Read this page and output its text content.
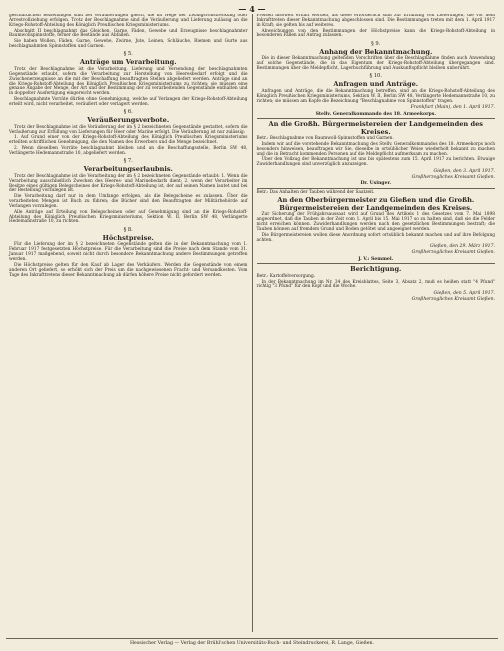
— 4 —

geschäftlichen Beziehungen sind bei Veräußerungen gleich, die im Wege der Zwangsvollstreckung oder Arrestvollziehung erfolgen. Trotz der Beschlagnahme sind die Veräußerung und Lieferung zulässig an die Kriegs-Rohstoff-Abteilung des Königlich Preußischen Kriegsministeriums.

Abschnitt II beschlagnahmt das Gleichen, Garne, Fäden, Gewebe und Erzeugnisse beschlagnahmter Baumwollspinnstoffe, ferner die Bestände aus Abfallen.

Sie haben Wollen, Fäden, Garne, Gewebe, Zwirne, Jute, Leinen, Schläuche, Riemen und Gurte aus beschlagnahmten Spinnstoffen und Garnen.

§ 5.
Anträge um Verarbeitung.

Trotz der Beschlagnahme ist die Verarbeitung, Lieferung und Versendung der beschlagnahmten Gegenstände erlaubt, sofern die Verarbeitung zur Herstellung von Heeresbedarf erfolgt und die Zwischenerzeugnisse an die mit der Beschaffung beauftragten Stellen abgeliefert werden. Anträge sind an die Kriegs-Rohstoff-Abteilung des Königlich Preußischen Kriegsministeriums zu richten; sie müssen eine genaue Angabe der Menge, der Art und der Bestimmung der zu verarbeitenden Gegenstände enthalten und in doppelter Ausfertigung eingereicht werden.

Beschlagnahmte Vorräte dürfen ohne Genehmigung, welche auf Verlangen der Kriegs-Rohstoff-Abteilung erteilt wird, nicht verarbeitet, veräußert oder verlagert werden.

§ 6.
Veräußerungsverbote.

Trotz der Beschlagnahme ist die Veräußerung der im § 2 bezeichneten Gegenstände gestattet, sofern die Veräußerung zur Erfüllung von Lieferungen für Heer oder Marine erfolgt. Die Veräußerung ist nur zulässig:

1. Auf Grund einer von der Kriegs-Rohstoff-Abteilung des Königlich Preußischen Kriegsministeriums erteilten schriftlichen Genehmigung, die den Namen des Erwerbers und die Menge bezeichnet.

2. Wenn dieselben Vorräte beschlagnahmt bleiben und an die Beschaffungsstelle, Berlin SW 48, Verlängerte Hedemannstraße 10, abgeliefert werden.

§ 7.
Verarbeitungserlaubnis.

Trotz der Beschlagnahme ist die Verarbeitung der im § 2 bezeichneten Gegenstände erlaubt: 1. Wenn die Verarbeitung ausschließlich Zwecken des Heeres- und Marinebedarfs dient; 2. wenn der Verarbeiter im Besitze eines gültigen Belegscheines der Kriegs-Rohstoff-Abteilung ist, der auf seinen Namen lautet und bei der Bestellung vorzulegen ist.

Die Verarbeitung darf nur in dem Umfange erfolgen, als die Belegscheine es zulassen. Über die verarbeiteten Mengen ist Buch zu führen; die Bücher sind den Beauftragten der Militärbehörde auf Verlangen vorzulegen.

Alle Anträge auf Erteilung von Belegscheinen oder auf Genehmigung sind an die Kriegs-Rohstoff-Abteilung des Königlich Preußischen Kriegsministeriums, Sektion W. II, Berlin SW 48, Verlängerte Hedemannstraße 10, zu richten.

§ 8.
Höchstpreise.

Für die Lieferung der im § 2 bezeichneten Gegenstände gelten die in der Bekanntmachung vom 1. Februar 1917 festgesetzten Höchstpreise. Für die Verarbeitung sind die Preise nach dem Stande vom 31. Januar 1917 maßgebend, soweit nicht durch besondere Bekanntmachung andere Bestimmungen getroffen werden.

Die Höchstpreise gelten für den Kauf ab Lager des Verkäufers. Werden die Gegenstände von einem anderen Ort geliefert, so erhöht sich der Preis um die nachgewiesenen Fracht- und Versandkosten. Vom Tage des Inkrafttretens dieser Bekanntmachung ab dürfen höhere Preise nicht gefordert werden.

Preisen insoweit erfüllt werden, als diese erforderlich sind zur Erfüllung von Lieferungen, die vor dem Inkrafttreten dieser Bekanntmachung abgeschlossen sind. Die Bestimmungen treten mit dem 1. April 1917 in Kraft; sie gelten bis auf weiteres.

Abweichungen von den Bestimmungen der Höchstpreise kann die Kriegs-Rohstoff-Abteilung in besonderen Fällen auf Antrag zulassen.

§ 9.
Anhang der Bekanntmachung.

Die in dieser Bekanntmachung geltenden Vorschriften über die Beschlagnahme finden auch Anwendung auf solche Gegenstände, die in das Eigentum der Kriegs-Rohstoff-Abteilung übergegangen sind. Bestimmungen über die Meldepflicht, Lagerbuchführung und Auskunftspflicht bleiben unberührt.

§ 10.
Anfragen und Anträge.

Anfragen und Anträge, die die Bekanntmachung betreffen, sind an die Kriegs-Rohstoff-Abteilung des Königlich Preußischen Kriegsministeriums, Sektion W. II, Berlin SW 48, Verlängerte Hedemannstraße 10, zu richten; sie müssen am Kopfe die Bezeichnung "Beschlagnahme von Spinnstoffen" tragen.

Frankfurt (Main), den 1. April 1917.
Stellv. Generalkommando des 18. Armeekorps.
An die Großh. Bürgermeistereien der Landgemeinden des Kreises.

Betr.: Beschlagnahme von Baumwoll-Spinnstoffen und Garnen.

Indem wir auf die vorstehende Bekanntmachung des Stellv. Generalkommandos des 18. Armeekorps noch besonders hinweisen, beauftragen wir Sie, dieselbe in ortsüblicher Weise wiederholt bekannt zu machen und die in Betracht kommenden Personen auf die Meldepflicht aufmerksam zu machen.

Über den Vollzug der Bekanntmachung ist uns bis spätestens zum 15. April 1917 zu berichten. Etwaige Zuwiderhandlungen sind unverzüglich anzuzeigen.

Gießen, den 3. April 1917.
Großherzogliches Kreisamt Gießen.
Dr. Usinger.

Betr.: Das Anhalten der Tauben während der Saatzeit.

An den Oberbürgermeister zu Gießen und die Großh. Bürgermeistereien der Landgemeinden des Kreises.

Zur Sicherung der Frühjahrsaussaat wird auf Grund des Artikels 1 des Gesetzes vom 7. Mai 1898 angeordnet, daß die Tauben in der Zeit vom 1. April bis 15. Mai 1917 so zu halten sind, daß sie die Felder nicht erreichen können. Zuwiderhandlungen werden nach den gesetzlichen Bestimmungen bestraft; die Tauben können auf fremdem Grund und Boden getötet und angeeignet werden.

Die Bürgermeistereien wollen diese Anordnung sofort ortsüblich bekannt machen und auf ihre Befolgung achten.

Gießen, den 29. März 1917.
Großherzogliches Kreisamt Gießen.
J. V.: Semmel.
Berichtigung.

Betr.: Kartoffelversorgung.

In der Bekanntmachung im Nr. 34 des Kreisblattes, Seite 3, Absatz 2, muß es heißen statt "4 Pfund" richtig "3 Pfund" für den Kopf und die Woche.

Gießen, den 5. April 1917.
Großherzogliches Kreisamt Gießen.
Hessischer Verlag — Verlag der Brühl'schen Universitäts-Buch- und Steindruckerei, R. Lange, Gießen.
